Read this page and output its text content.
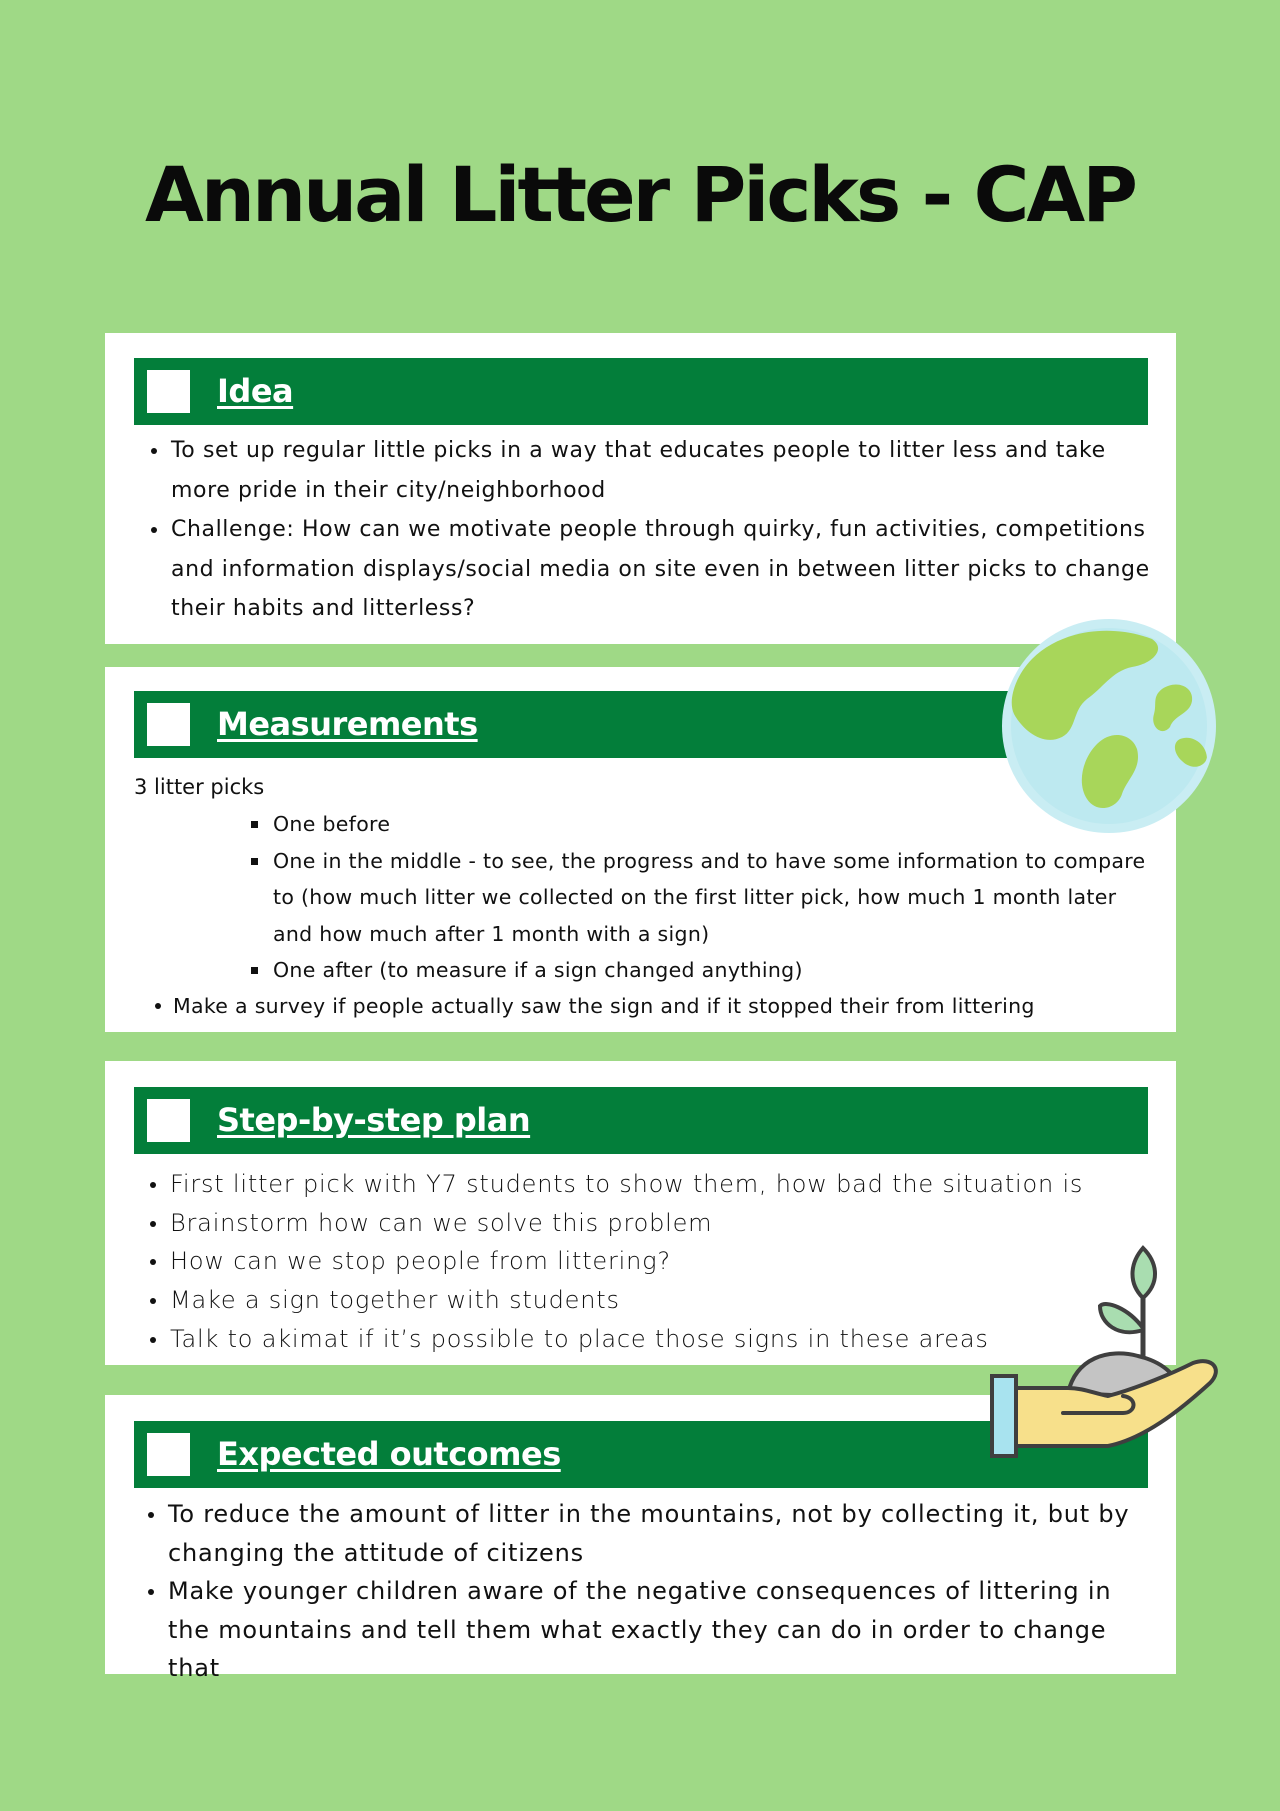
Annual Litter Picks - CAP
Idea
To set up regular little picks in a way that educates people to litter less and take more pride in their city/neighborhood
Challenge: How can we motivate people through quirky, fun activities, competitions and information displays/social media on site even in between litter picks to change their habits and litterless?
Measurements
3 litter picks
One before
One in the middle - to see, the progress and to have some information to compare to (how much litter we collected on the first litter pick, how much 1 month later and how much after 1 month with a sign)
One after (to measure if a sign changed anything)
Make a survey if people actually saw the sign and if it stopped their from littering
Step-by-step plan
First litter pick with Y7 students to show them, how bad the situation is
Brainstorm how can we solve this problem
How can we stop people from littering?
Make a sign together with students
Talk to akimat if it’s possible to place those signs in these areas
Expected outcomes
To reduce the amount of litter in the mountains, not by collecting it, but by changing the attitude of citizens
Make younger children aware of the negative consequences of littering in the mountains and tell them what exactly they can do in order to change that
